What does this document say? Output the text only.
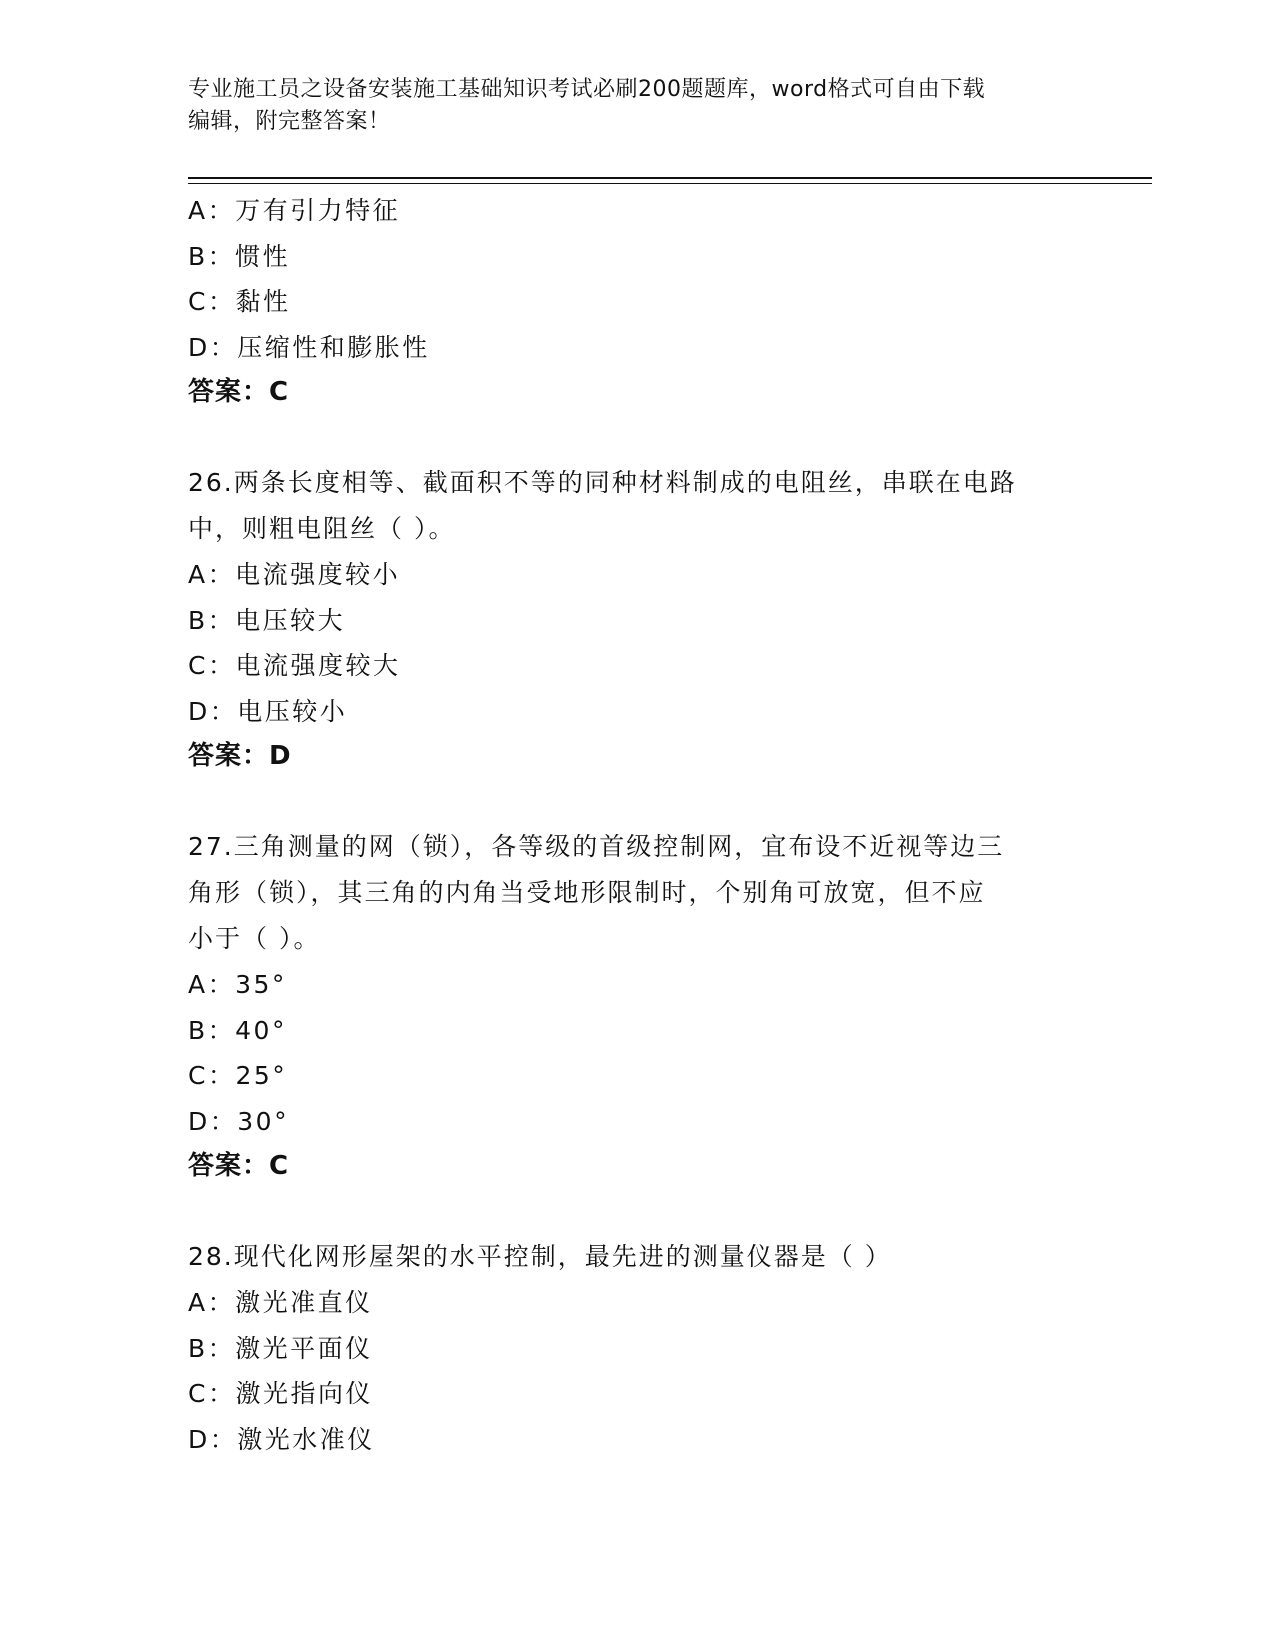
专业施工员之设备安装施工基础知识考试必刷200题题库，word格式可自由下载
编辑，附完整答案！
A：万有引力特征
B：惯性
C：黏性
D：压缩性和膨胀性
答案：C
26.两条长度相等、截面积不等的同种材料制成的电阻丝，串联在电路
中，则粗电阻丝（ ）。
A：电流强度较小
B：电压较大
C：电流强度较大
D：电压较小
答案：D
27.三角测量的网（锁），各等级的首级控制网，宜布设不近视等边三
角形（锁），其三角的内角当受地形限制时，个别角可放宽，但不应
小于（ ）。
A：35°
B：40°
C：25°
D：30°
答案：C
28.现代化网形屋架的水平控制，最先进的测量仪器是（ ）
A：激光准直仪
B：激光平面仪
C：激光指向仪
D：激光水准仪
